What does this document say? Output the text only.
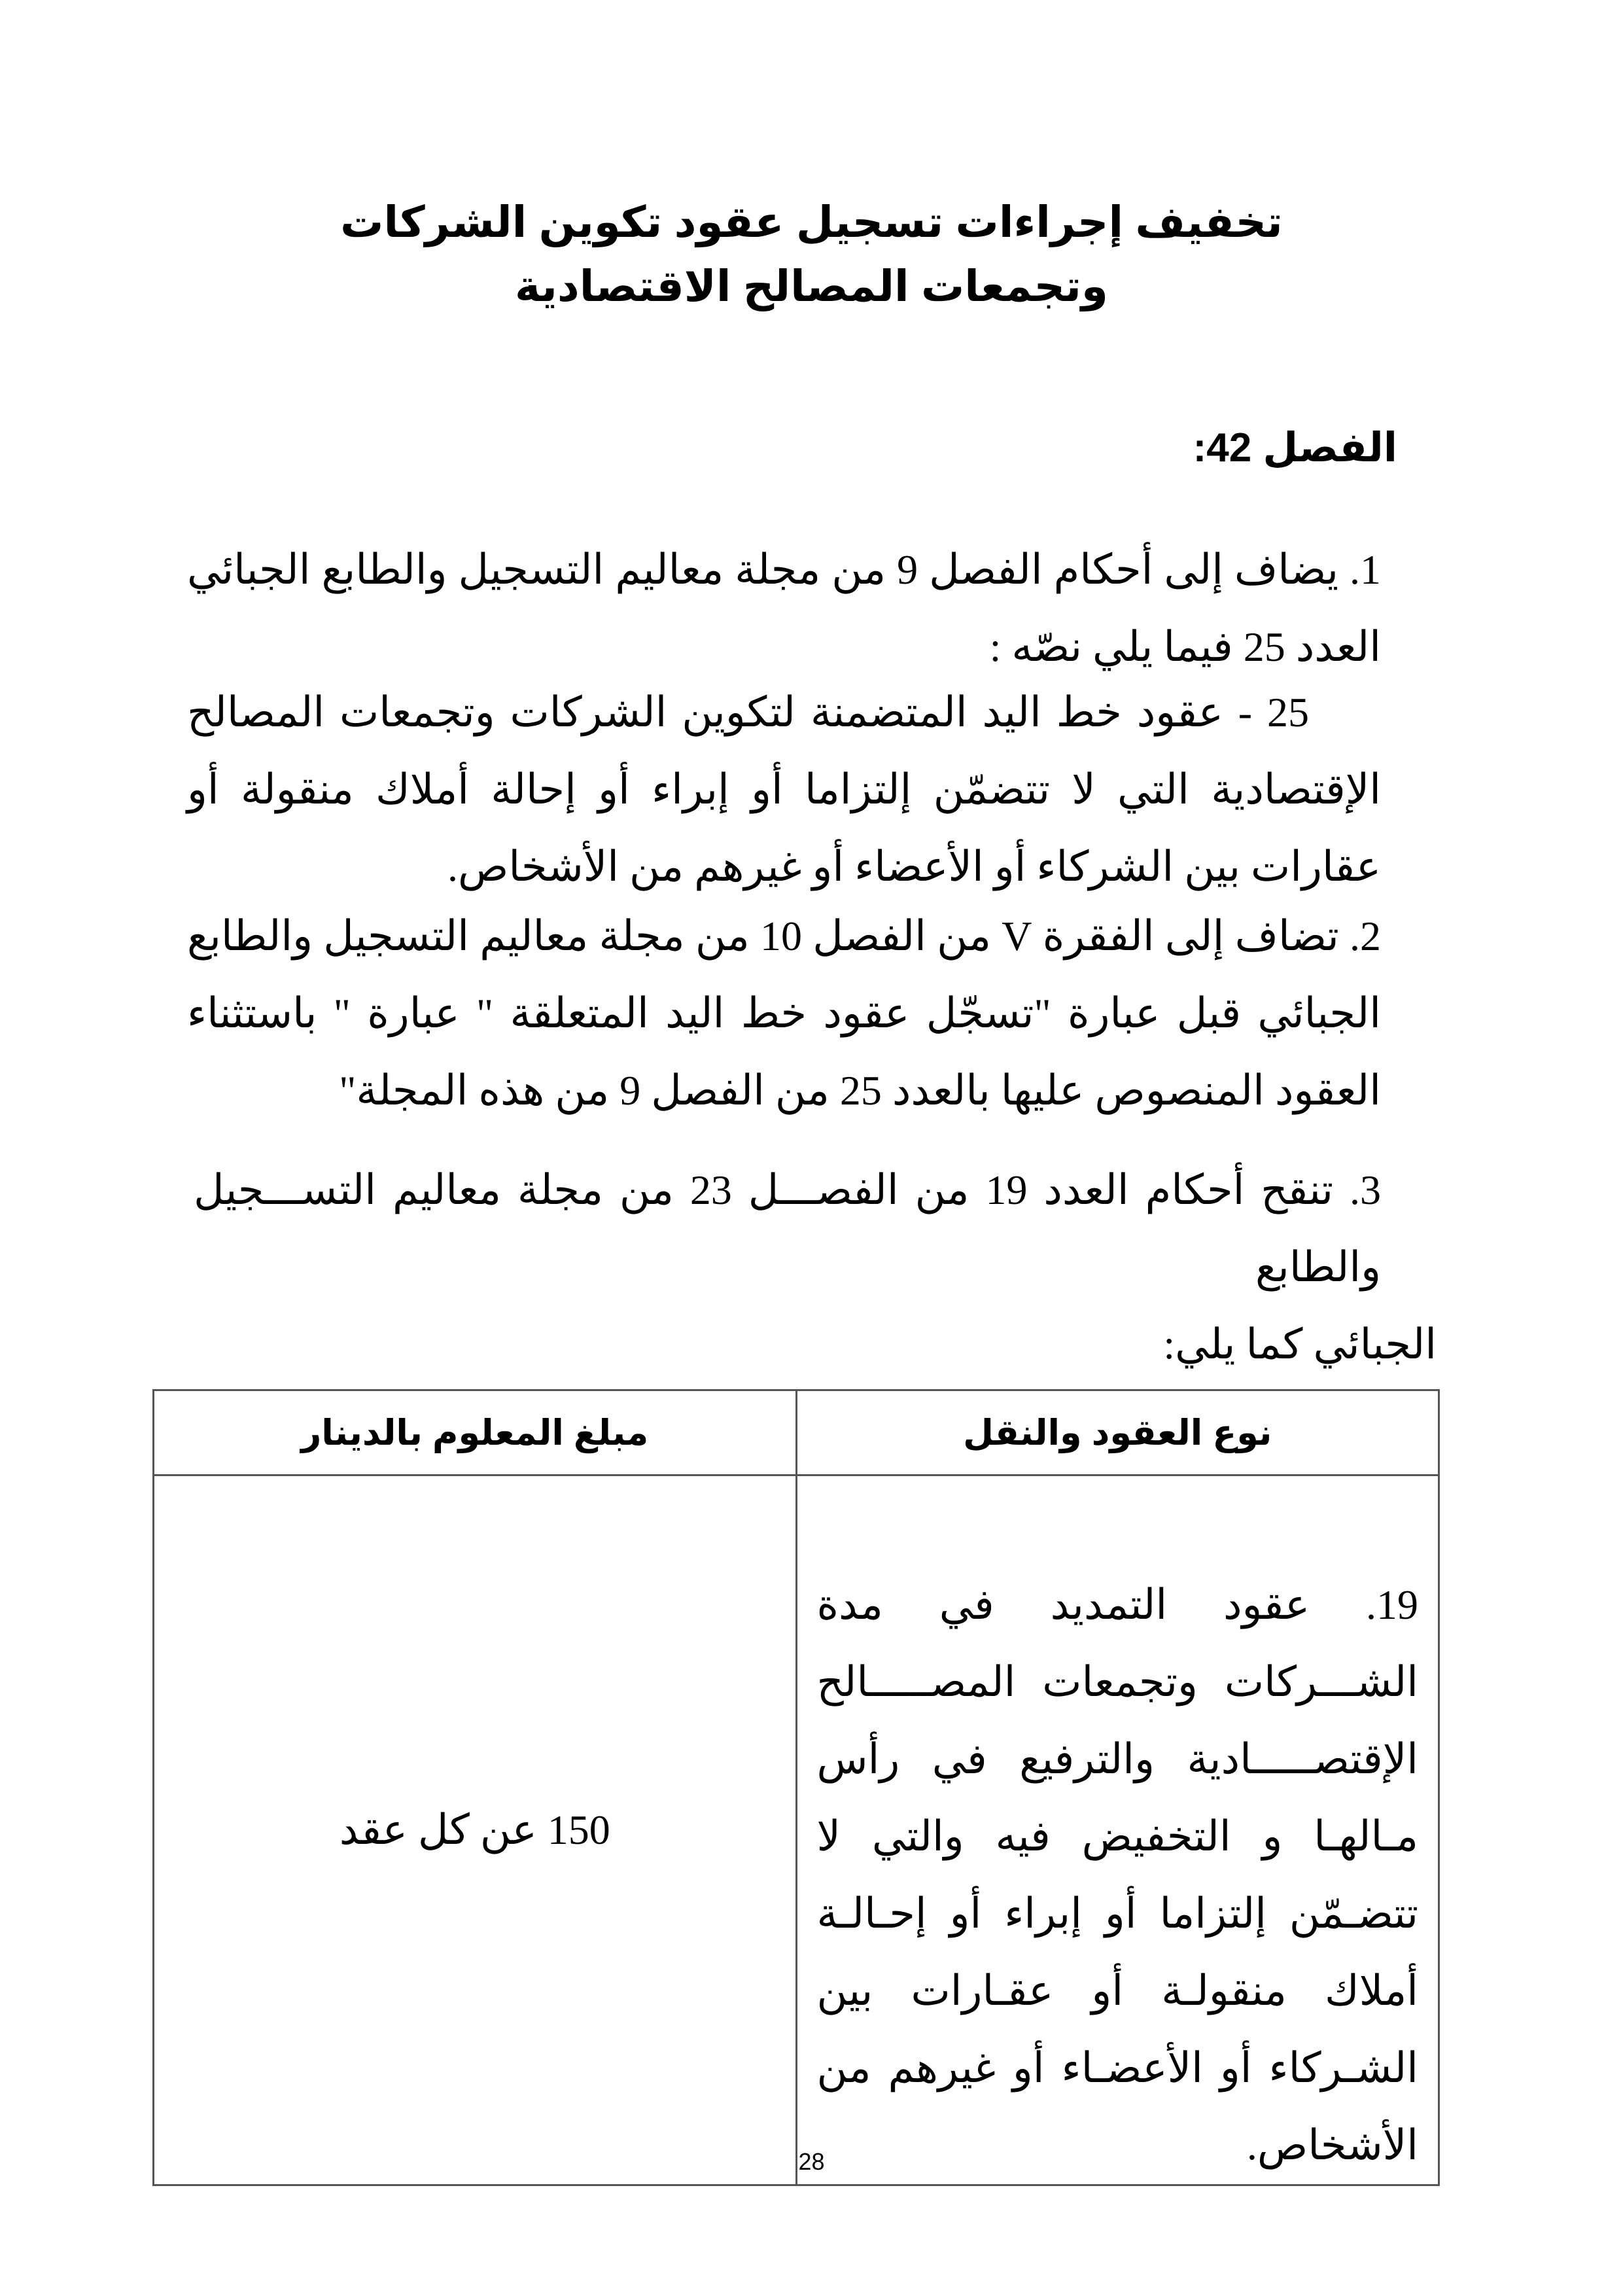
تخفيف إجراءات تسجيل عقود تكوين الشركات
وتجمعات المصالح الاقتصادية
الفصل 42:
1. يضاف إلى أحكام الفصل 9 من مجلة معاليم التسجيل والطابع الجبائي العدد 25 فيما يلي نصّه :
25 - عقود خط اليد المتضمنة لتكوين الشركات وتجمعات المصالح الإقتصادية التي لا تتضمّن إلتزاما أو إبراء أو إحالة أملاك منقولة أو عقارات بين الشركاء أو الأعضاء أو غيرهم من الأشخاص.
2. تضاف إلى الفقرة V من الفصل 10 من مجلة معاليم التسجيل والطابع الجبائي قبل عبارة "تسجّل عقود خط اليد المتعلقة " عبارة " باستثناء العقود المنصوص عليها بالعدد 25 من الفصل 9 من هذه المجلة"
3. تنقح أحكام العدد 19 من الفصـــل 23 من مجلة معاليم التســـجيل والطابع
الجبائي كما يلي:
نوع العقود والنقل	مبلغ المعلوم بالدينار
19. عقود التمديد في مدة الشـــركات وتجمعات المصـــــالح الإقتصـــــادية والترفيع في رأس مـالهـا و التخفيض فيه والتي لا تتضـمّن إلتزاما أو إبراء أو إحـالـة أملاك منقولـة أو عقـارات بين الشـركاء أو الأعضـاء أو غيرهم من الأشخاص.	150 عن كل عقد
28
